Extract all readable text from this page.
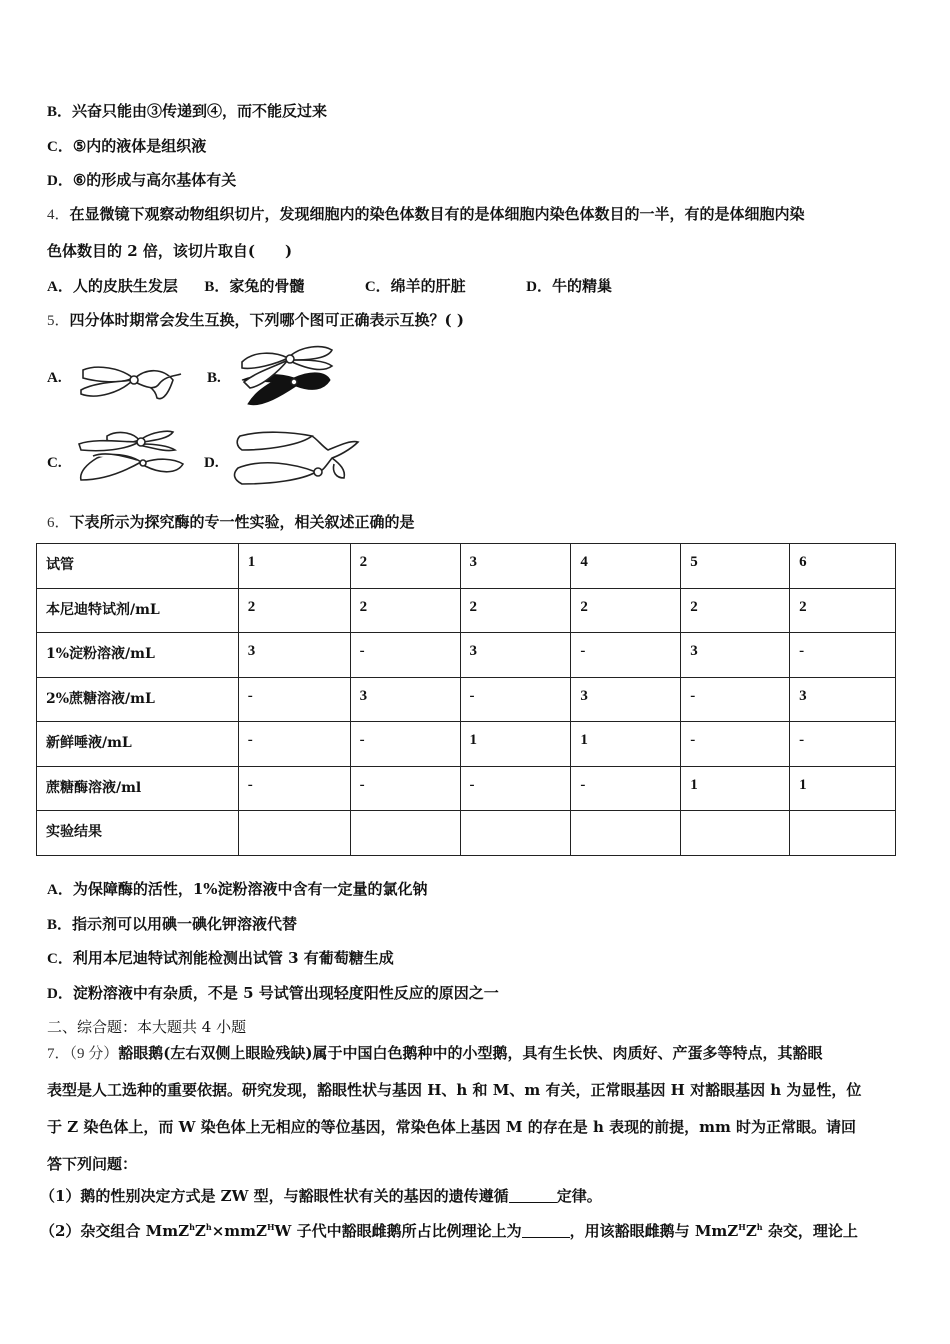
B．兴奋只能由③传递到④，而不能反过来
C．⑤内的液体是组织液
D．⑥的形成与高尔基体有关
4．在显微镜下观察动物组织切片，发现细胞内的染色体数目有的是体细胞内染色体数目的一半，有的是体细胞内染
色体数目的 2 倍，该切片取自(　　)
A．人的皮肤生发层 B．家兔的骨髓	C．绵羊的肝脏	D．牛的精巢
5．四分体时期常会发生互换，下列哪个图可正确表示互换？( )
A.	B.
C.	D.
6．下表所示为探究酶的专一性实验，相关叙述正确的是
试管	1	2	3	4	5	6
本尼迪特试剂/mL	2	2	2	2	2	2
1%淀粉溶液/mL	3	-	3	-	3	-
2%蔗糖溶液/mL	-	3	-	3	-	3
新鲜唾液/mL	-	-	1	1	-	-
蔗糖酶溶液/ml	-	-	-	-	1	1
实验结果						
A．为保障酶的活性，1%淀粉溶液中含有一定量的氯化钠
B．指示剂可以用碘一碘化钾溶液代替
C．利用本尼迪特试剂能检测出试管 3 有葡萄糖生成
D．淀粉溶液中有杂质，不是 5 号试管出现轻度阳性反应的原因之一
二、综合题：本大题共 4 小题
7．（9 分）豁眼鹅(左右双侧上眼睑残缺)属于中国白色鹅种中的小型鹅，具有生长快、肉质好、产蛋多等特点，其豁眼
表型是人工选种的重要依据。研究发现，豁眼性状与基因 H、h 和 M、m 有关，正常眼基因 H 对豁眼基因 h 为显性，位
于 Z 染色体上，而 W 染色体上无相应的等位基因，常染色体上基因 M 的存在是 h 表现的前提，mm 时为正常眼。请回
答下列问题：
（1）鹅的性别决定方式是 ZW 型，与豁眼性状有关的基因的遗传遵循	定律。
（2）杂交组合 $MmZ^hZ^h\times mmZ^HW$ 子代中豁眼雌鹅所占比例理论上为	，用该豁眼雌鹅与 $MmZ^HZ^h$ 杂交，理论上
